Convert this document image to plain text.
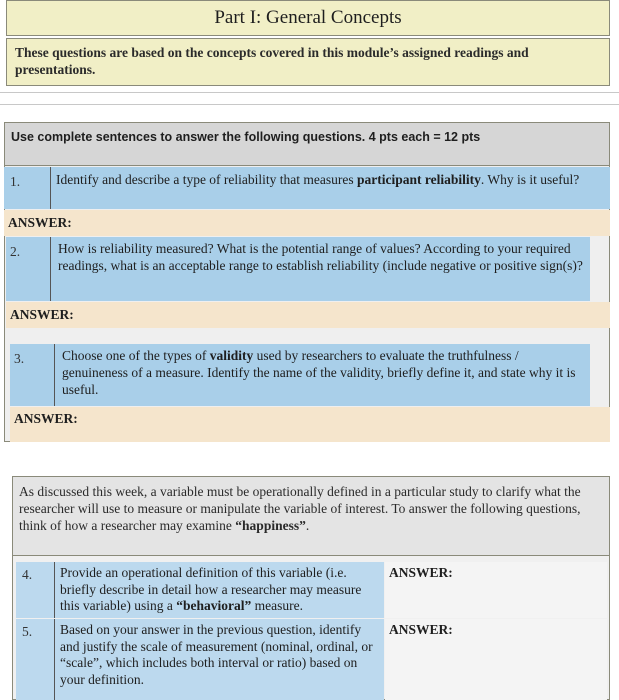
Part I: General Concepts
These questions are based on the concepts covered in this module’s assigned readings and presentations.
Use complete sentences to answer the following questions. 4 pts each = 12 pts
1.	Identify and describe a type of reliability that measures participant reliability. Why is it useful?
ANSWER:
2.	How is reliability measured? What is the potential range of values? According to your required readings, what is an acceptable range to establish reliability (include negative or positive sign(s)?
ANSWER:
3.	Choose one of the types of validity used by researchers to evaluate the truthfulness / genuineness of a measure. Identify the name of the validity, briefly define it, and state why it is useful.
ANSWER:
As discussed this week, a variable must be operationally defined in a particular study to clarify what the researcher will use to measure or manipulate the variable of interest. To answer the following questions, think of how a researcher may examine “happiness”.
4. Provide an operational definition of this variable (i.e. briefly describe in detail how a researcher may measure this variable) using a “behavioral” measure.
ANSWER:
5. Based on your answer in the previous question, identify and justify the scale of measurement (nominal, ordinal, or “scale”, which includes both interval or ratio) based on your definition.
ANSWER:
